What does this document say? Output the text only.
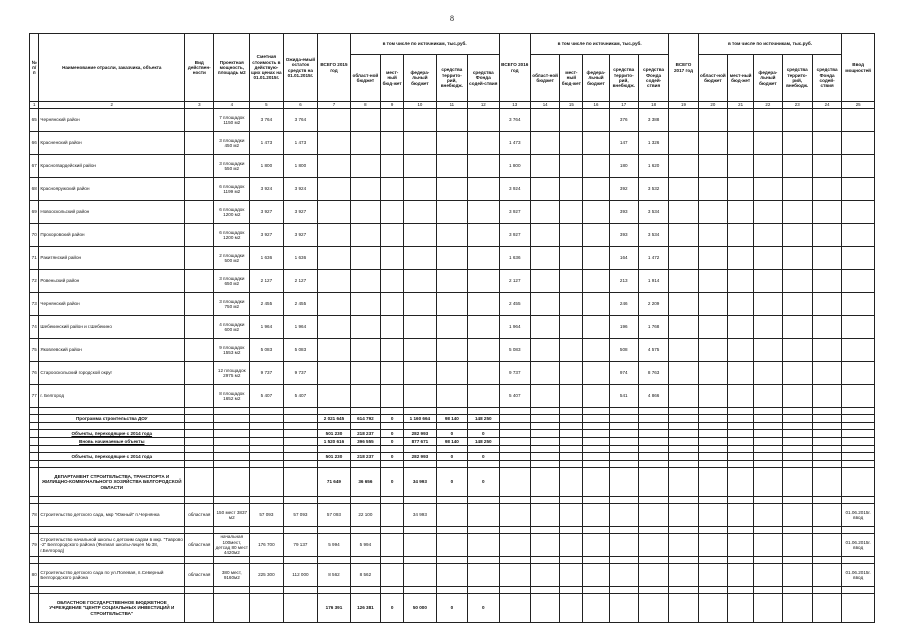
8
№ п/п	Наименование отрасли, заказчика, объекта	Вид действен-ности	Проектная мощность, площадь м2	Сметная стоимость в действую-щих ценах на 01.01.2015г.	Ожида-емый остаток средств на 01.01.2015г.	ВСЕГО 2015 год	в том числе по источникам, тыс.руб.					ВСЕГО 2016 год	в том числе по источникам, тыс.руб.					ВСЕГО 2017 год	в том числе по источникам, тыс.руб.					Ввод мощностей
							област-ной бюджет	мест-ный бюд-жет	федера-льный бюджет	средства террито-рий, внебюдж.	средства Фонда содей-ствия		област-ной бюджет	мест-ный бюд-жет	федера-льный бюджет	средства террито-рий, внебюдж.	средства Фонда содей-ствия		област-ной бюджет	мест-ный бюд-жет	федера-льный бюджет	средства террито-рий, внебюдж.	средства Фонда содей-ствия	
1	2	3	4	5	6	7	8	9	10	11	12	13	14	15	16	17	18	19	20	21	22	23	24	25
65	Чернянский район		7 площадок 1150 м2	3 764	3 764							3 764				376	3 388							
66	Красненский район		3 площадки 450 м2	1 473	1 473							1 473				147	1 326							
67	Красногвардейский район		3 площадки 550 м2	1 800	1 800							1 800				180	1 620							
68	Краснояружский район		6 площадок 1199 м2	3 924	3 924							3 924				392	3 532							
69	Новооскольский район		6 площадок 1200 м2	3 927	3 927							3 927				393	3 534							
70	Прохоровский район		6 площадок 1200 м2	3 927	3 927							3 927				393	3 534							
71	Ракитянский район		2 площадки 500 м2	1 636	1 636							1 636				164	1 472							
72	Ровеньский район		3 площадки 650 м2	2 127	2 127							2 127				213	1 914							
73	Чернянский район		3 площадки 750 м2	2 455	2 455							2 455				246	2 209							
74	Шебекинский район и г.Шебекино		4 площадки 600 м2	1 964	1 964							1 964				196	1 768							
75	Яковлевский район		9 площадок 1553 м2	5 083	5 083							5 083				508	4 575							
76	Старооскольский городской округ		12 площадок 2975 м2	9 737	9 737							9 737				974	8 763							
77	г. Белгород		8 площадок 1652 м2	5 407	5 407							5 407				541	4 866							

	Программа строительства ДОУ					2 021 645	614 792	0	1 160 664	98 140	148 250													

	Объекты, переходящие с 2014 года					501 230	218 237	0	282 993	0	0													
	Вновь начинаемые объекты					1 520 616	396 555	0	877 671	98 140	148 250													

	Объекты, переходящие с 2014 года					501 230	218 237	0	282 993	0	0													

	ДЕПАРТАМЕНТ СТРОИТЕЛЬСТВА, ТРАНСПОРТА И ЖИЛИЩНО-КОММУНАЛЬНОГО ХОЗЯЙСТВА БЕЛГОРОДСКОЙ ОБЛАСТИ					71 649	36 656	0	34 993	0	0													

78	Строительство детского сада, мкр "Южный" п.Чернянка	областная	150 мест 3837 м2	57 093	57 093	57 093	22 100		34 993															01.06.2015г. ввод

79	Строительство начальной школы с детским садом в мкр. "Таврово -2" Белгородского района (Филиал школы-лицея № 38, г.Белгород)	областная	начальная 100мест, детсад 80 мест 4420м2	176 700	79 137	5 994	5 994																	01.06.2015г. ввод

80	Строительство детского сада по ул.Полевая, п.Северный Белгородского района	областная	380 мест, 9160м2	225 300	112 000	8 562	8 562																	01.06.2015г. ввод

	ОБЛАСТНОЕ ГОСУДАРСТВЕННОЕ БЮДЖЕТНОЕ УЧРЕЖДЕНИЕ "ЦЕНТР СОЦИАЛЬНЫХ ИНВЕСТИЦИЙ И СТРОИТЕЛЬСТВА"					176 391	126 381	0	50 000	0	0													
